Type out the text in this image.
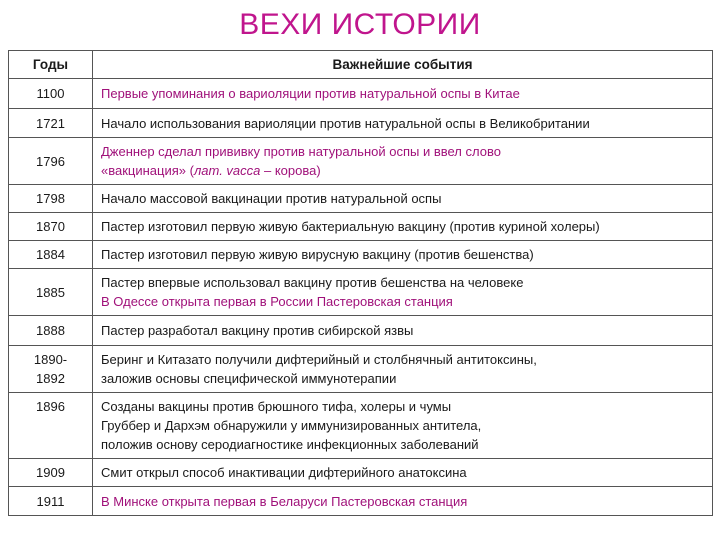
ВЕХИ ИСТОРИИ
Годы	Важнейшие события
1100	Первые упоминания о вариоляции против натуральной оспы в Китае

1721	Начало использования вариоляции против натуральной оспы в Великобритании

1796	Дженнер сделал прививку против натуральной оспы и ввел слово
«вакцинация» (лат. vacca – корова)

1798	Начало массовой вакцинации против натуральной оспы

1870	Пастер изготовил первую живую бактериальную вакцину (против куриной холеры)

1884	Пастер изготовил первую живую вирусную вакцину (против бешенства)

1885	Пастер впервые использовал вакцину против бешенства на человеке
В Одессе открыта первая в России Пастеровская станция

1888	Пастер разработал вакцину против сибирской язвы

1890-
1892	Беринг и Китазато получили дифтерийный и столбнячный антитоксины,
заложив основы специфической иммунотерапии

1896	Созданы вакцины против брюшного тифа, холеры и чумы
Груббер и Дархэм обнаружили у иммунизированных антитела,
положив основу серодиагностике инфекционных заболеваний

1909	Смит открыл способ инактивации дифтерийного анатоксина

1911	В Минске открыта первая в Беларуси Пастеровская станция
